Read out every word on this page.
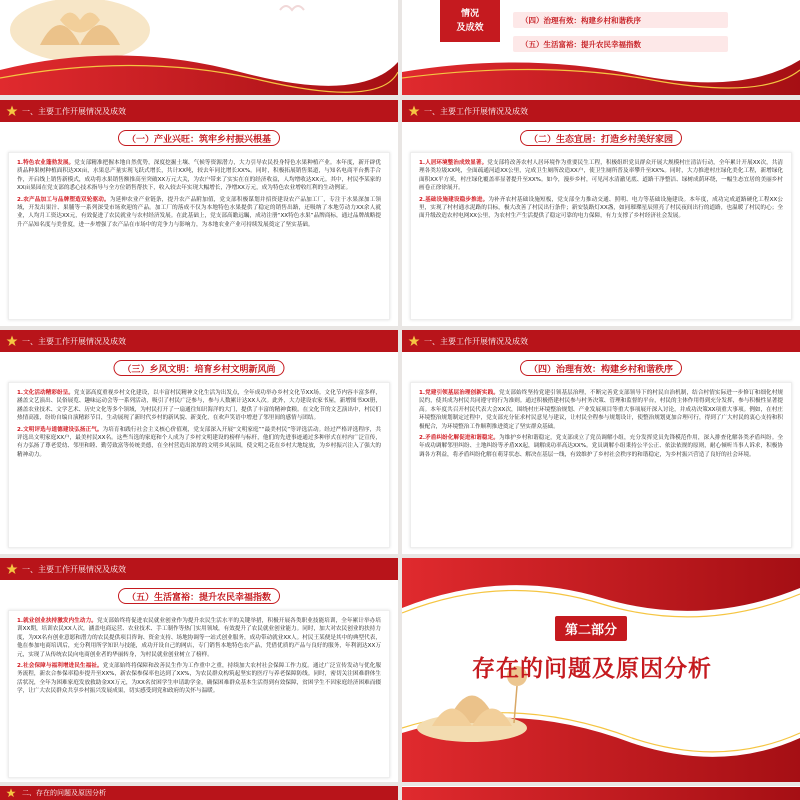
情况
及成效
（四）治理有效：构建乡村和谐秩序
（五）生活富裕：提升农民幸福指数
一、主要工作开展情况及成效
（一）产业兴旺：筑牢乡村振兴根基

1.特色农业蓬勃发展。党支部精准把握本地自然优势，深度挖掘土壤、气候等资源潜力，大力引导农民投身特色水果种植产业。本年度，新开辟优质品种果树种植面积达XX亩，水果总产量实现飞跃式增长，共计XX吨，较去年同比增长XX%。同时，积极拓展销售渠道，与知名电商平台携手合作，开启线上销售新模式，成功将水果销售额推高至突破XX万元大关，为农户带来了实实在在的经济收益，人均增收达XX元。其中，村民李某家的XX亩果园在党支部的悉心技术指导与全方位销售帮扶下，收入较去年实现大幅增长，净增XX万元，成为特色农业增收红利的生动例证。

2.农产品加工与品牌塑造双轮驱动。为延伸农业产业链条，提升农产品附加值，党支部积极谋划并招资建设农产品加工厂，专注于水果深加工领域，开发出果汁、果脯等一系列深受市场欢迎的产品。加工厂的落成不仅为本地特色水果提供了稳定的销售出路，还吸纳了本地劳动力XX余人就业，人均月工资达XX元，有效促进了农民就业与农村经济发展。在此基础上，党支部高瞻远瞩，成功注册“XX特色水果”品牌商标，通过品牌战略提升产品知名度与美誉度，进一步增强了农产品在市场中的竞争力与影响力，为本地农业产业可持续发展奠定了坚实基础。

一、主要工作开展情况及成效
（二）生态宜居：打造乡村美好家园

1.人居环境整治成效显著。党支部将改善农村人居环境作为重要民生工程，积极组织党员群众开展大规模村庄清洁行动，全年累计开展XX次，共清理各类垃圾XX吨，全面疏通河道XX公里，完成卫生厕所改造XX户，使卫生厕所普及率攀升至XX%。同时，大力推进村庄绿化美化工程，新增绿化面积XX平方米，村庄绿化覆盖率显著提升至XX%。如今，漫步乡村，可见河水清澈见底、道路干净整洁、绿树成荫环绕，一幅生态宜居的美丽乡村画卷正徐徐展开。

2.基础设施建设稳步推进。为补齐农村基础设施短板，党支部全力推动交通、照明、电力等基础设施建设。本年度，成功完成道路硬化工程XX公里，实现了村村通水泥路的目标，极大改善了村民出行条件；新安装路灯XX盏，如同璀璨星辰照亮了村民夜间出行的道路，也温暖了村民的心；全面升级改造农村电网XX公里，为农村生产生活提供了稳定可靠的电力保障，有力支撑了乡村经济社会发展。

一、主要工作开展情况及成效
（三）乡风文明：培育乡村文明新风尚

1.文化活动精彩纷呈。党支部高度重视乡村文化建设，以丰富村民精神文化生活为出发点，全年成功举办乡村文化节XX场。文化节内容丰富多样，涵盖文艺演出、民俗展览、趣味运动会等一系列活动，吸引了村民广泛参与，参与人数累计达XX人次。此外，大力建设农家书屋，新增图书XX册，涵盖农业技术、文学艺术、历史文化等多个领域，为村民打开了一扇通往知识海洋的大门，提供了丰富的精神食粮。在文化节的文艺演出中，村民们热情高涨，纷纷自编自演精彩节目，生动展现了新时代乡村的新风貌、新变化，在欢声笑语中增进了邻里间的感情与团结。

2.文明评选与道德建设弘扬正气。为培育和践行社会主义核心价值观，党支部深入开展“文明家庭”“最美村民”等评选活动。经过严格评选程序，共评选出文明家庭XX户，最美村民XX名。这些当选的家庭和个人成为了乡村文明建设的榜样与标杆，他们的先进事迹通过多种形式在村内广泛宣传，有力弘扬了尊老爱幼、邻里和睦、勤劳致富等传统美德，在全村营造出浓厚的文明乡风氛围，使文明之花在乡村大地绽放，为乡村振兴注入了强大的精神动力。

一、主要工作开展情况及成效
（四）治理有效：构建乡村和谐秩序

1.党建引领基层治理创新实践。党支部始终坚持党建引领基层治理，不断完善党支部领导下的村民自治机制，结合村情实际进一步修订和细化村规民约，使其成为村民共同遵守的行为准则。通过积极搭建村民参与村务决策、管理和监督的平台，村民的主体作用得到充分发挥，参与积极性显著提高。本年度共召开村民代表大会XX次，围绕村庄环境整治规划、产业发展项目等重大事项展开深入讨论，并成功决策XX项重大事项。例如，在村庄环境整治规划制定过程中，党支部充分征求村民意见与建议，让村民全程参与规划设计，使整治规划更加合理可行，得到了广大村民的衷心支持和积极配合，为环境整治工作顺利推进奠定了坚实群众基础。

2.矛盾纠纷化解促进和谐稳定。为维护乡村和谐稳定，党支部成立了党员调解小组，充分发挥党员先锋模范作用，深入排查化解各类矛盾纠纷。全年成功调解邻里纠纷、土地纠纷等矛盾XX起，调解成功率高达XX%。党员调解小组秉持公平公正、依法依规的原则，耐心倾听当事人诉求，积极协调各方利益，将矛盾纠纷化解在萌芽状态、解决在基层一线，有效维护了乡村社会秩序的和谐稳定，为乡村振兴营造了良好的社会环境。

一、主要工作开展情况及成效
（五）生活富裕：提升农民幸福指数

1.就业创业扶持激发内生动力。党支部始终将促进农民就业创业作为提升农民生活水平的关键举措，积极开展各类职业技能培训，全年累计举办培训XX期，培训农民XX人次，涵盖电商运营、农业技术、手工制作等热门实用领域，有效提升了农民就业创业能力。同时，加大对农民创业的扶持力度，为XX名有创业意愿和潜力的农民提供项目咨询、资金支持、场地协调等一站式创业服务，成功带动就业XX人。村民王某便是其中的典型代表，他在参加电商培训后，充分利用所学知识与技能，成功开设自己的网店，专门销售本地特色农产品，凭借优质的产品与良好的服务，年利润达XX万元，实现了从传统农民向电商创业者的华丽转身，为村民就业创业树立了榜样。

2.社会保障与福利增进民生福祉。党支部始终将保障和改善民生作为工作重中之重，持续加大农村社会保障工作力度。通过广泛宣传发动与优化服务流程，新农合参保率稳步提升至XX%，新农保参保率也达到了XX%，为农民群众构筑起坚实的医疗与养老保障防线。同时，密切关注困难群体生活状况，全年为困难家庭发放救助金XX万元，为XX名贫困学生申请助学金，确保困难群众基本生活得到有效保障，贫困学生不因家庭经济困难而辍学，让广大农民群众共享乡村振兴发展成果，切实感受到党和政府的关怀与温暖。

第二部分
存在的问题及原因分析
二、存在的问题及原因分析
